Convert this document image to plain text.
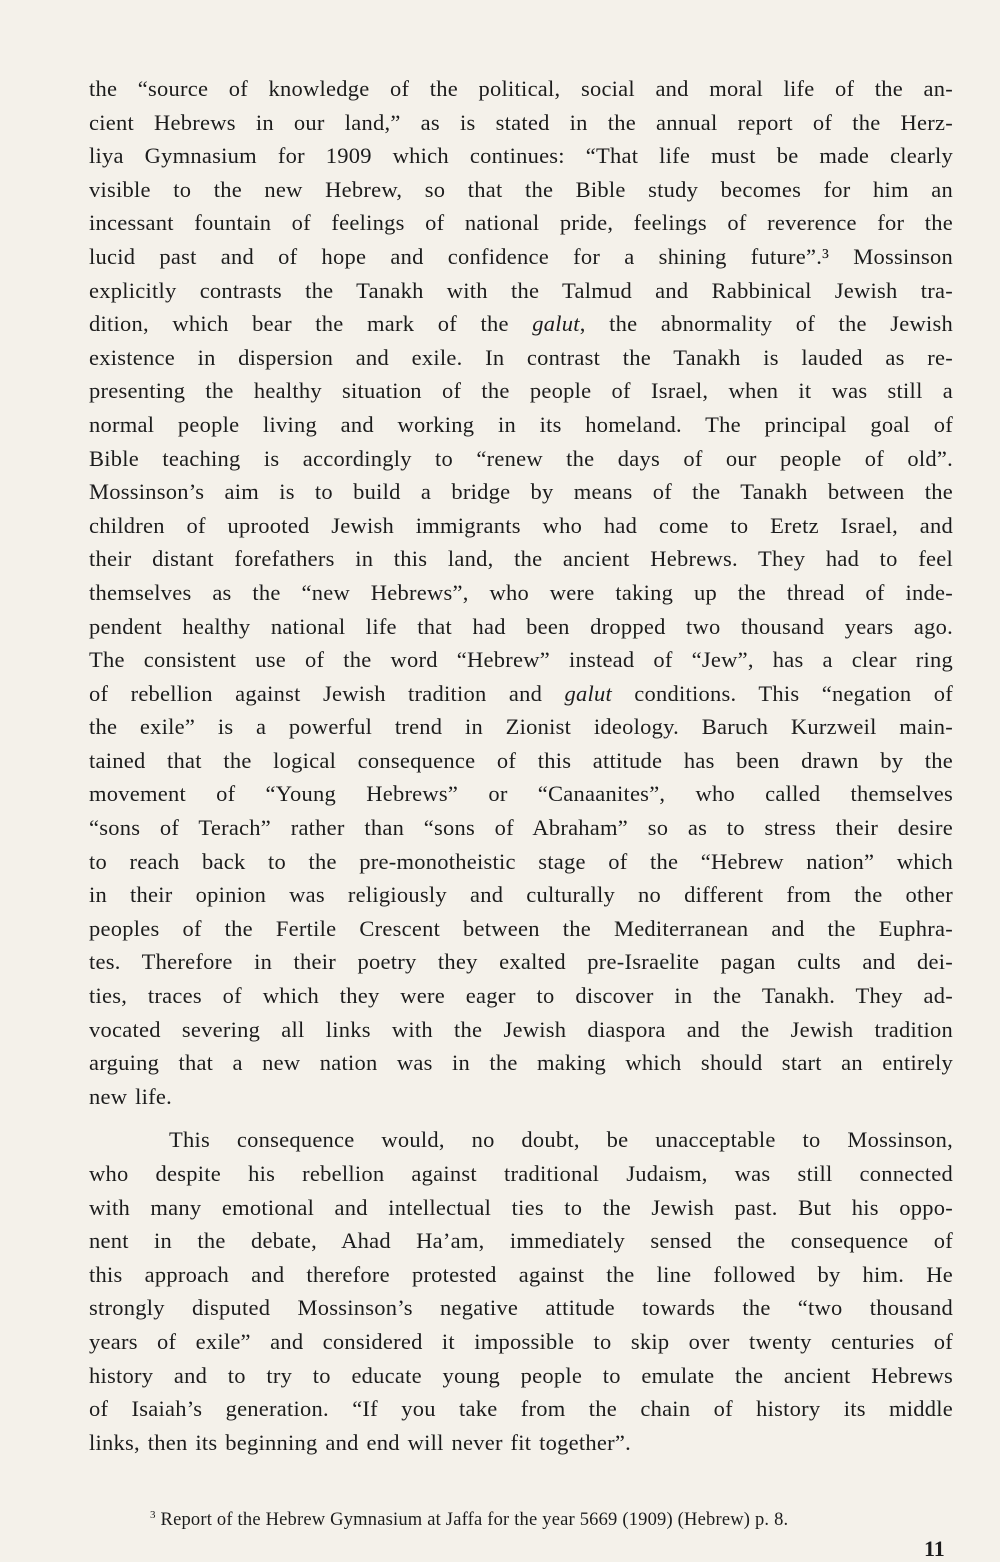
the “source of knowledge of the political, social and moral life of the an-
cient Hebrews in our land,” as is stated in the annual report of the Herz-
liya Gymnasium for 1909 which continues: “That life must be made clearly
visible to the new Hebrew, so that the Bible study becomes for him an
incessant fountain of feelings of national pride, feelings of reverence for the
lucid past and of hope and confidence for a shining future”.³ Mossinson
explicitly contrasts the Tanakh with the Talmud and Rabbinical Jewish tra-
dition, which bear the mark of the galut, the abnormality of the Jewish
existence in dispersion and exile. In contrast the Tanakh is lauded as re-
presenting the healthy situation of the people of Israel, when it was still a
normal people living and working in its homeland. The principal goal of
Bible teaching is accordingly to “renew the days of our people of old”.
Mossinson’s aim is to build a bridge by means of the Tanakh between the
children of uprooted Jewish immigrants who had come to Eretz Israel, and
their distant forefathers in this land, the ancient Hebrews. They had to feel
themselves as the “new Hebrews”, who were taking up the thread of inde-
pendent healthy national life that had been dropped two thousand years ago.
The consistent use of the word “Hebrew” instead of “Jew”, has a clear ring
of rebellion against Jewish tradition and galut conditions. This “negation of
the exile” is a powerful trend in Zionist ideology. Baruch Kurzweil main-
tained that the logical consequence of this attitude has been drawn by the
movement of “Young Hebrews” or “Canaanites”, who called themselves
“sons of Terach” rather than “sons of Abraham” so as to stress their desire
to reach back to the pre-monotheistic stage of the “Hebrew nation” which
in their opinion was religiously and culturally no different from the other
peoples of the Fertile Crescent between the Mediterranean and the Euphra-
tes. Therefore in their poetry they exalted pre-Israelite pagan cults and dei-
ties, traces of which they were eager to discover in the Tanakh. They ad-
vocated severing all links with the Jewish diaspora and the Jewish tradition
arguing that a new nation was in the making which should start an entirely
new life.

This consequence would, no doubt, be unacceptable to Mossinson,
who despite his rebellion against traditional Judaism, was still connected
with many emotional and intellectual ties to the Jewish past. But his oppo-
nent in the debate, Ahad Ha’am, immediately sensed the consequence of
this approach and therefore protested against the line followed by him. He
strongly disputed Mossinson’s negative attitude towards the “two thousand
years of exile” and considered it impossible to skip over twenty centuries of
history and to try to educate young people to emulate the ancient Hebrews
of Isaiah’s generation. “If you take from the chain of history its middle
links, then its beginning and end will never fit together”.

$^3$ Report of the Hebrew Gymnasium at Jaffa for the year 5669 (1909) (Hebrew) p. 8.
11
